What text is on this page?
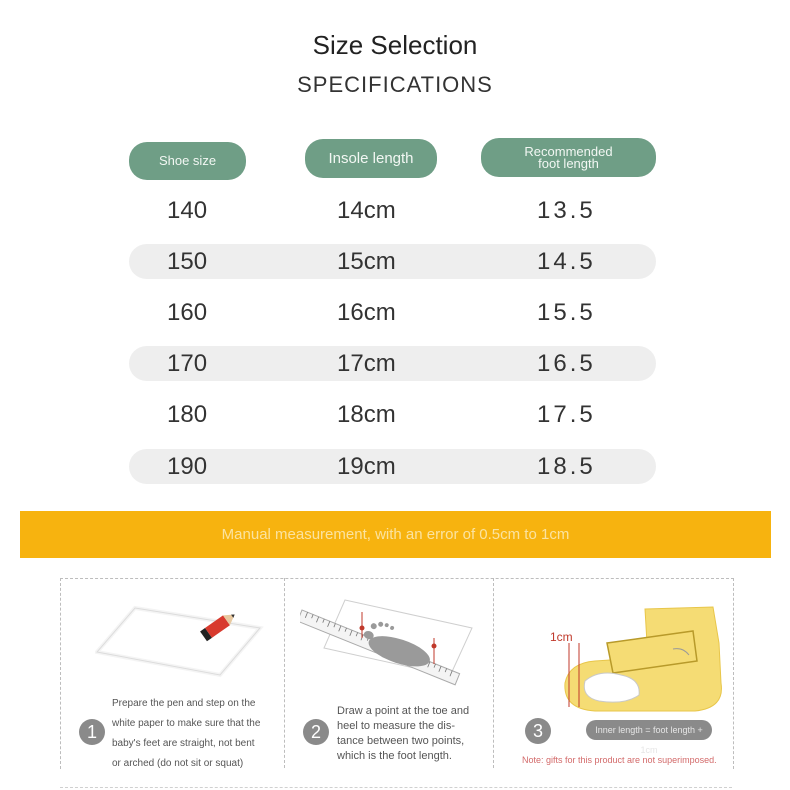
Size Selection
SPECIFICATIONS
Shoe size	Insole length	Recommended
foot length
140	14cm	13.5
150	15cm	14.5
160	16cm	15.5
170	17cm	16.5
180	18cm	17.5
190	19cm	18.5
Manual measurement, with an error of 0.5cm to 1cm
1cm
1	2	3
Prepare the pen and step on the
white paper to make sure that the
baby's feet are straight, not bent
or arched (do not sit or squat)
Draw a point at the toe and
heel to measure the dis-
tance between two points,
which is the foot length.
Inner length = foot length + 1cm
Note: gifts for this product are not superimposed.
